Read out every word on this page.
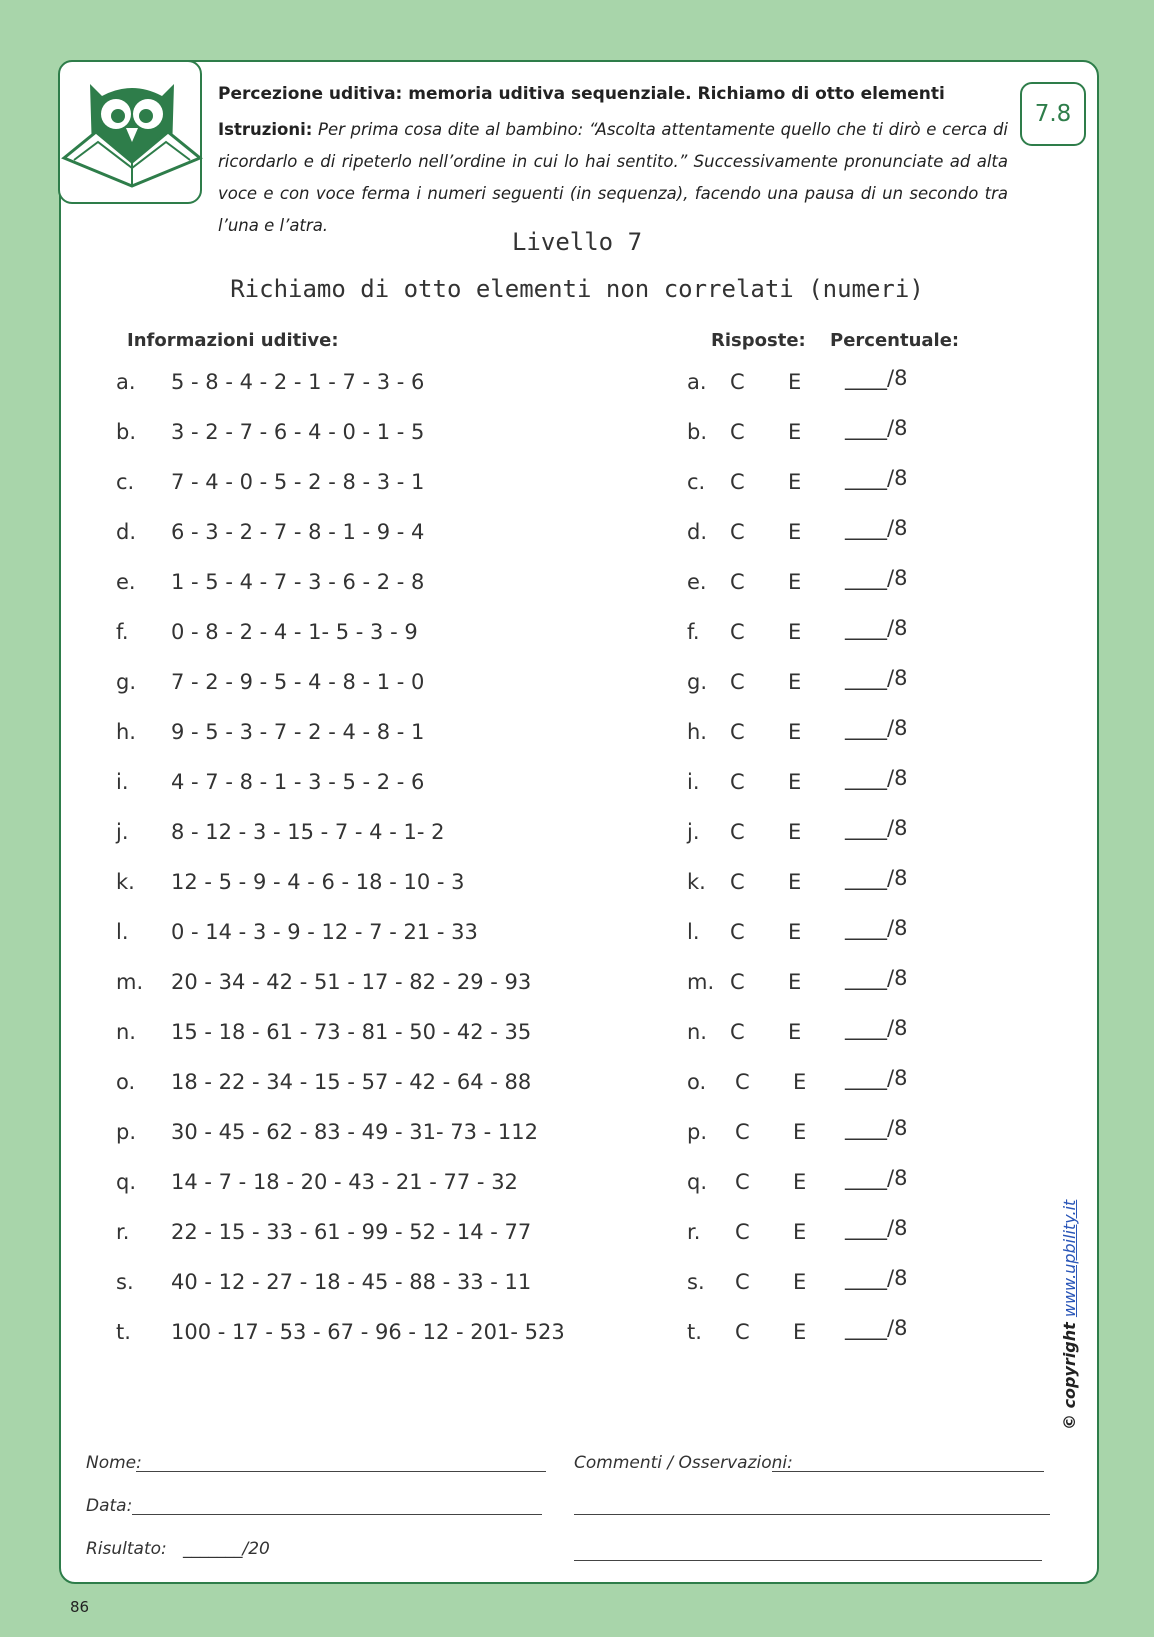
Percezione uditiva: memoria uditiva sequenziale. Richiamo di otto elementi
Istruzioni: Per prima cosa dite al bambino: “Ascolta attentamente quello che ti dirò e cerca di ricordarlo e di ripeterlo nell’ordine in cui lo hai sentito.” Successivamente pronunciate ad alta voce e con voce ferma i numeri seguenti (in sequenza), facendo una pausa di un secondo tra l’una e l’atra.
7.8
Livello 7
Richiamo di otto elementi non correlati (numeri)
Informazioni uditive:	Risposte: Percentuale:
a. 5 - 8 - 4 - 2 - 1 - 7 - 3 - 6	a. C E ____/8
b. 3 - 2 - 7 - 6 - 4 - 0 - 1 - 5	b. C E ____/8
c. 7 - 4 - 0 - 5 - 2 - 8 - 3 - 1	c. C E ____/8
d. 6 - 3 - 2 - 7 - 8 - 1 - 9 - 4	d. C E ____/8
e. 1 - 5 - 4 - 7 - 3 - 6 - 2 - 8	e. C E ____/8
f. 0 - 8 - 2 - 4 - 1- 5 - 3 - 9	f. C E ____/8
g. 7 - 2 - 9 - 5 - 4 - 8 - 1 - 0	g. C E ____/8
h. 9 - 5 - 3 - 7 - 2 - 4 - 8 - 1	h. C E ____/8
i. 4 - 7 - 8 - 1 - 3 - 5 - 2 - 6	i. C E ____/8
j. 8 - 12 - 3 - 15 - 7 - 4 - 1- 2	j. C E ____/8
k. 12 - 5 - 9 - 4 - 6 - 18 - 10 - 3	k. C E ____/8
l. 0 - 14 - 3 - 9 - 12 - 7 - 21 - 33	l. C E ____/8
m. 20 - 34 - 42 - 51 - 17 - 82 - 29 - 93	m. C E ____/8
n. 15 - 18 - 61 - 73 - 81 - 50 - 42 - 35	n. C E ____/8
o. 18 - 22 - 34 - 15 - 57 - 42 - 64 - 88	o. C E ____/8
p. 30 - 45 - 62 - 83 - 49 - 31- 73 - 112	p. C E ____/8
q. 14 - 7 - 18 - 20 - 43 - 21 - 77 - 32	q. C E ____/8
r. 22 - 15 - 33 - 61 - 99 - 52 - 14 - 77	r. C E ____/8
s. 40 - 12 - 27 - 18 - 45 - 88 - 33 - 11	s. C E ____/8
t. 100 - 17 - 53 - 67 - 96 - 12 - 201- 523	t. C E ____/8	© copyright www.upbility.it
Nome:
Data:
Risultato: _______/20
Commenti / Osservazioni:
86
